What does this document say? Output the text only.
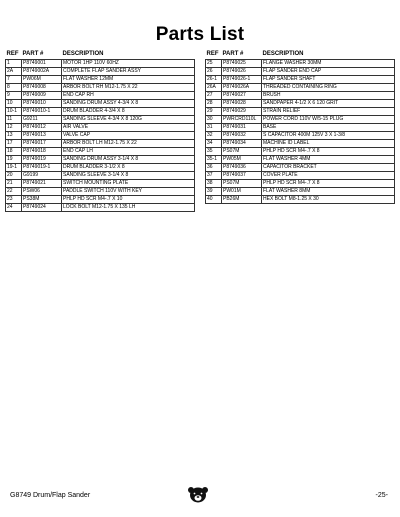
Parts List
REF	PART #	DESCRIPTION
1	P8749001	MOTOR 1HP 110V 60HZ
2A	P8749002A	COMPLETE FLAP SANDER ASSY
7	PW06M	FLAT WASHER 12MM
8	P8749008	ARBOR BOLT RH M12-1.75 X 22
9	P8749009	END CAP RH
10	P8749010	SANDING DRUM ASSY 4-3/4 X 8
10-1	P8749010-1	DRUM BLADDER 4-3/4 X 8
11	G9211	SANDING SLEEVE 4-3/4 X 8 120G
12	P8749012	AIR VALVE
13	P8749013	VALVE CAP
17	P8749017	ARBOR BOLT LH M12-1.75 X 22
18	P8749018	END CAP LH
19	P8749019	SANDING DRUM ASSY 3-1/4 X 8
19-1	P8749019-1	DRUM BLADDER 3-1/2 X 8
20	G9199	SANDING SLEEVE 3-1/4 X 8
21	P8749021	SWITCH MOUNTING PLATE
22	PSW06	PADDLE SWITCH 110V WITH KEY
23	PS38M	PHLP HD SCR M4-.7 X 10
24	P8749024	LOCK BOLT M12-1.75 X 135 LH
REF	PART #	DESCRIPTION
25	P8749025	FLANGE WASHER 30MM
26	P8749026	FLAP SANDER END CAP
26-1	P8749026-1	FLAP SANDER SHAFT
26A	P8749026A	THREADED CONTAINING RING
27	P8749027	BRUSH
28	P8749028	SANDPAPER 4-1/2 X 6 120 GRIT
29	P8749029	STRAIN RELIEF
30	PWRCRD110L	POWER CORD 110V W/5-15 PLUG
31	P8749031	BASE
32	P8749032	S CAPACITOR 400M 125V 3 X 1-3/8
34	P8749034	MACHINE ID LABEL
35	PS07M	PHLP HD SCR M4-.7 X 8
35-1	PW05M	FLAT WASHER 4MM
36	P8749036	CAPACITOR BRACKET
37	P8749037	COVER PLATE
38	PS07M	PHLP HD SCR M4-.7 X 8
39	PW01M	FLAT WASHER 8MM
40	PB26M	HEX BOLT M8-1.25 X 30
G8749 Drum/Flap Sander	-25-
